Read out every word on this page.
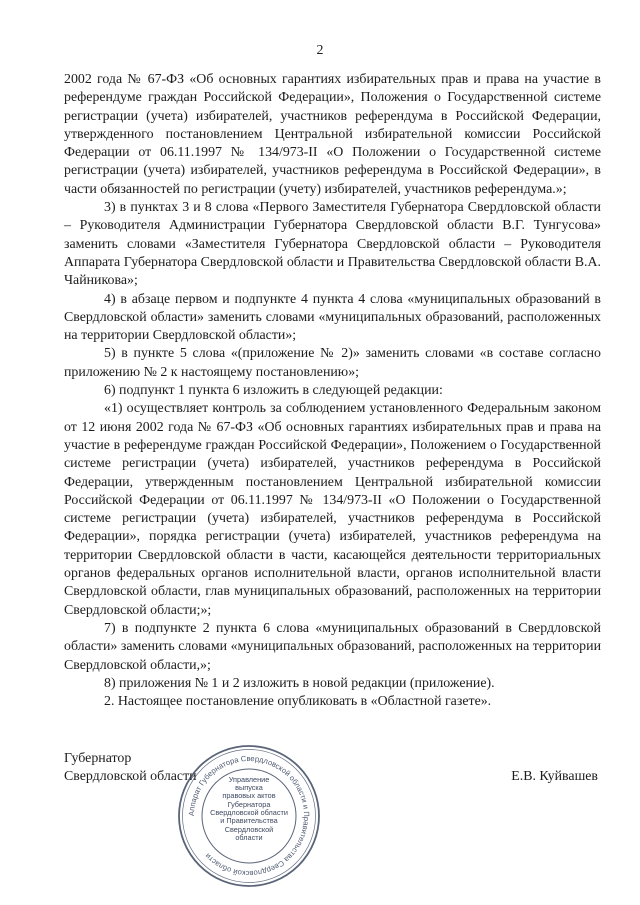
2

2002 года № 67-ФЗ «Об основных гарантиях избирательных прав и права на участие в референдуме граждан Российской Федерации», Положения о Государственной системе регистрации (учета) избирателей, участников референдума в Российской Федерации, утвержденного постановлением Центральной избирательной комиссии Российской Федерации от 06.11.1997 № 134/973-II «О Положении о Государственной системе регистрации (учета) избирателей, участников референдума в Российской Федерации», в части обязанностей по регистрации (учету) избирателей, участников референдума.»;

3) в пунктах 3 и 8 слова «Первого Заместителя Губернатора Свердловской области – Руководителя Администрации Губернатора Свердловской области В.Г. Тунгусова» заменить словами «Заместителя Губернатора Свердловской области – Руководителя Аппарата Губернатора Свердловской области и Правительства Свердловской области В.А. Чайникова»;

4) в абзаце первом и подпункте 4 пункта 4 слова «муниципальных образований в Свердловской области» заменить словами «муниципальных образований, расположенных на территории Свердловской области»;

5) в пункте 5 слова «(приложение № 2)» заменить словами «в составе согласно приложению № 2 к настоящему постановлению»;

6) подпункт 1 пункта 6 изложить в следующей редакции:

«1) осуществляет контроль за соблюдением установленного Федеральным законом от 12 июня 2002 года № 67-ФЗ «Об основных гарантиях избирательных прав и права на участие в референдуме граждан Российской Федерации», Положением о Государственной системе регистрации (учета) избирателей, участников референдума в Российской Федерации, утвержденным постановлением Центральной избирательной комиссии Российской Федерации от 06.11.1997 № 134/973-II «О Положении о Государственной системе регистрации (учета) избирателей, участников референдума в Российской Федерации», порядка регистрации (учета) избирателей, участников референдума на территории Свердловской области в части, касающейся деятельности территориальных органов федеральных органов исполнительной власти, органов исполнительной власти Свердловской области, глав муниципальных образований, расположенных на территории Свердловской области;»;

7) в подпункте 2 пункта 6 слова «муниципальных образований в Свердловской области» заменить словами «муниципальных образований, расположенных на территории Свердловской области,»;

8) приложения № 1 и 2 изложить в новой редакции (приложение).

2. Настоящее постановление опубликовать в «Областной газете».

Губернатор
Свердловской области
Аппарат Губернатора Свердловской области и Правительства Свердловской области
Управление
выпуска
правовых актов
Губернатора
Свердловской области
и Правительства
Свердловской
области
Е.В. Куйвашев
